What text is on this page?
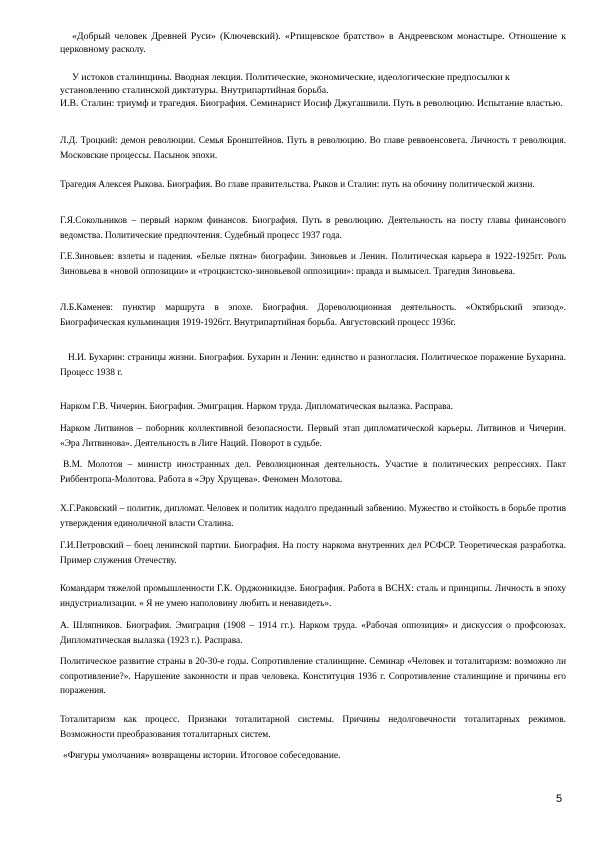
«Добрый человек Древней Руси» (Ключевский). «Ртищевское братство» в Андреевском монастыре. Отношение к церковному расколу.

У истоков сталинщины. Вводная лекция. Политические, экономические, идеологические предпосылки к установлению сталинской диктатуры. Внутрипартийная борьба.

И.В. Сталин: триумф и трагедия. Биография. Семинарист Иосиф Джугашвили. Путь в революцию. Испытание властью.

Л.Д. Троцкий: демон революции. Семья Бронштейнов. Путь в революцию. Во главе реввоенсовета. Личность т революция. Московские процессы. Пасынок эпохи.

Трагедия Алексея Рыкова. Биография. Во главе правительства. Рыков и Сталин: путь на обочину политической жизни.

Г.Я.Сокольников – первый нарком финансов. Биография. Путь в революцию. Деятельность на посту главы финансового ведомства. Политические предпочтения. Судебный процесс 1937 года.

Г.Е.Зиновьев: взлеты и падения. «Белые пятна» биографии. Зиновьев и Ленин. Политическая карьера в 1922-1925гг. Роль Зиновьева в «новой оппозиции» и «троцкистско-зиновьевой оппозиции»: правда и вымысел. Трагедия Зиновьева.

Л.Б.Каменев: пунктир маршрута в эпохе. Биография. Дореволюционная деятельность. «Октябрьский эпизод». Биографическая кульминация 1919-1926гг. Внутрипартийная борьба. Августовский процесс 1936г.

Н.И. Бухарин: страницы жизни. Биография. Бухарин и Ленин: единство и разногласия. Политическое поражение Бухарина. Процесс 1938 г.

Нарком Г.В. Чичерин. Биография. Эмиграция. Нарком труда. Дипломатическая вылазка. Расправа.

Нарком Литвинов – поборник коллективной безопасности. Первый этап дипломатической карьеры. Литвинов и Чичерин. «Эра Литвинова». Деятельность в Лиге Наций. Поворот в судьбе.

В.М. Молотов – министр иностранных дел. Революционная деятельность. Участие в политических репрессиях. Пакт Риббентропа-Молотова. Работа в «Эру Хрущева». Феномен Молотова.

Х.Г.Раковский – политик, дипломат. Человек и политик надолго преданный забвению. Мужество и стойкость в борьбе против утверждения единоличной власти Сталина.

Г.И.Петровский – боец ленинской партии. Биография. На посту наркома внутренних дел РСФСР. Теоретическая разработка. Пример служения Отечеству.

Командарм тяжелой промышленности Г.К. Орджоникидзе. Биография. Работа в ВСНХ: сталь и принципы. Личность в эпоху индустриализации. « Я не умею наполовину любить и ненавидеть».

А. Шляпников. Биография. Эмиграция (1908 – 1914 гг.). Нарком труда. «Рабочая оппозиция» и дискуссия о профсоюзах. Дипломатическая вылазка (1923 г.). Расправа.

Политическое развитие страны в 20-30-е годы. Сопротивление сталинщине. Семинар «Человек и тоталитаризм: возможно ли сопротивление?». Нарушение законности и прав человека. Конституция 1936 г. Сопротивление сталинщине и причины его поражения.

Тоталитаризм как процесс. Признаки тоталитарной системы. Причины недолговечности тоталитарных режимов. Возможности преобразования тоталитарных систем.

«Фигуры умолчания» возвращены истории. Итоговое собеседование.

5
